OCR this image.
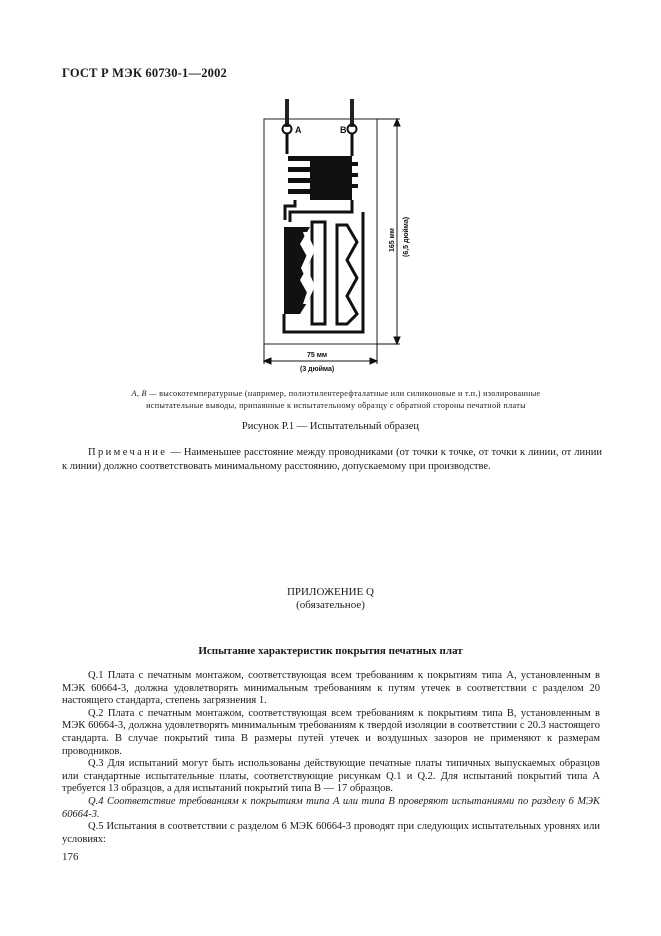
ГОСТ Р МЭК 60730-1—2002
A	B
165 мм (6,5 дюйма)
75 мм
(3 дюйма)
А, В — высокотемпературные (например, полиэтилентерефталатные или силиконовые и т.п.) изолированные
испытательные выводы, припаянные к испытательному образцу с обратной стороны печатной платы
Рисунок Р.1 — Испытательный образец
Примечание — Наименьшее расстояние между проводниками (от точки к точке, от точки к линии, от линии к линии) должно соответствовать минимальному расстоянию, допускаемому при производстве.
ПРИЛОЖЕНИЕ Q
(обязательное)
Испытание характеристик покрытия печатных плат

Q.1 Плата с печатным монтажом, соответствующая всем требованиям к покрытиям типа А, установленным в МЭК 60664-3, должна удовлетворять минимальным требованиям к путям утечек в соответствии с разделом 20 настоящего стандарта, степень загрязнения 1.

Q.2 Плата с печатным монтажом, соответствующая всем требованиям к покрытиям типа В, установленным в МЭК 60664-3, должна удовлетворять минимальным требованиям к твердой изоляции в соответствии с 20.3 настоящего стандарта. В случае покрытий типа В размеры путей утечек и воздушных зазоров не применяют к размерам проводников.

Q.3 Для испытаний могут быть использованы действующие печатные платы типичных выпускаемых образцов или стандартные испытательные платы, соответствующие рисункам Q.1 и Q.2. Для испытаний покрытий типа А требуется 13 образцов, а для испытаний покрытий типа В — 17 образцов.

Q.4 Соответствие требованиям к покрытиям типа А или типа В проверяют испытаниями по разделу 6 МЭК 60664-3.

Q.5 Испытания в соответствии с разделом 6 МЭК 60664-3 проводят при следующих испытательных уровнях или условиях:

176
